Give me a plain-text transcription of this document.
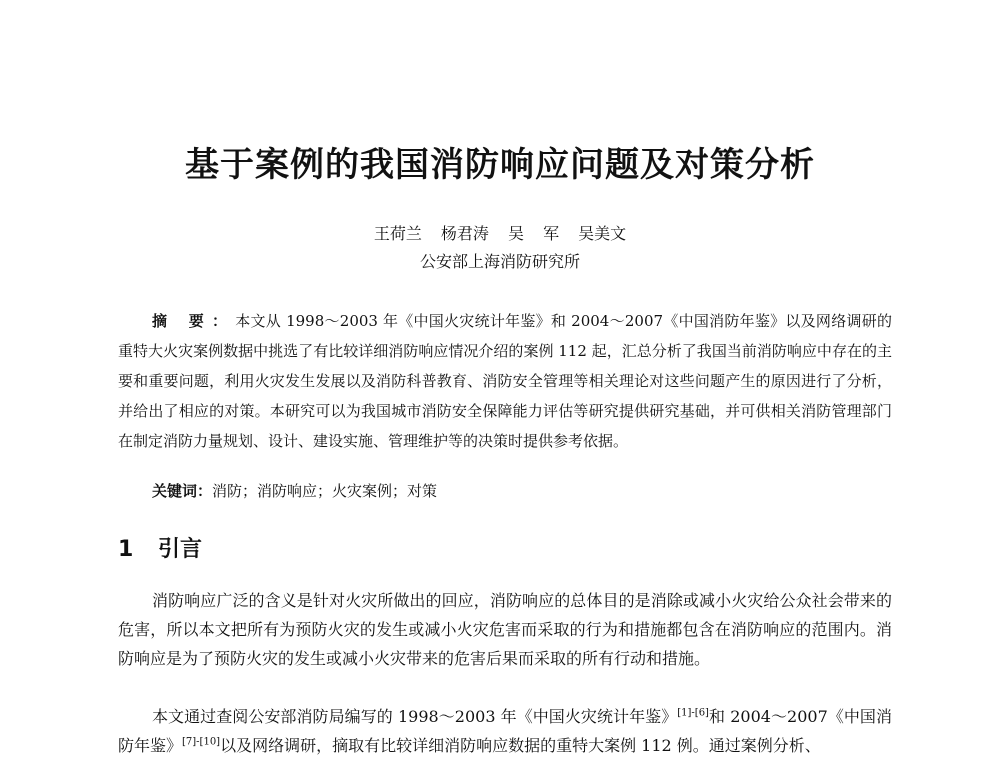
基于案例的我国消防响应问题及对策分析
王荷兰 杨君涛 吴 军 吴美文
公安部上海消防研究所
摘 要：本文从 1998～2003 年《中国火灾统计年鉴》和 2004～2007《中国消防年鉴》以及网络调研的重特大火灾案例数据中挑选了有比较详细消防响应情况介绍的案例 112 起，汇总分析了我国当前消防响应中存在的主要和重要问题，利用火灾发生发展以及消防科普教育、消防安全管理等相关理论对这些问题产生的原因进行了分析，并给出了相应的对策。本研究可以为我国城市消防安全保障能力评估等研究提供研究基础，并可供相关消防管理部门在制定消防力量规划、设计、建设实施、管理维护等的决策时提供参考依据。
关键词：消防；消防响应；火灾案例；对策
1 引言
消防响应广泛的含义是针对火灾所做出的回应，消防响应的总体目的是消除或减小火灾给公众社会带来的危害，所以本文把所有为预防火灾的发生或减小火灾危害而采取的行为和措施都包含在消防响应的范围内。消防响应是为了预防火灾的发生或减小火灾带来的危害后果而采取的所有行动和措施。
本文通过查阅公安部消防局编写的 1998～2003 年《中国火灾统计年鉴》[1]-[6]和 2004～2007《中国消防年鉴》[7]-[10]以及网络调研，摘取有比较详细消防响应数据的重特大案例 112 例。通过案例分析、
